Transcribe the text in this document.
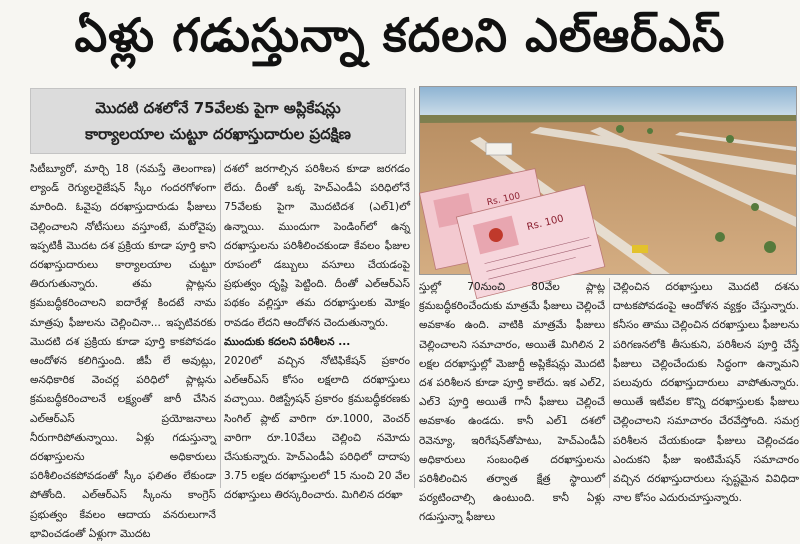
ఏళ్లు గడుస్తున్నా కదలని ఎల్‌ఆర్‌ఎస్
మొదటి దశలోనే 75వేలకు పైగా అప్లికేషన్లు
కార్యాలయాల చుట్టూ దరఖాస్తుదారుల ప్రదక్షిణ
Rs. 100
Rs. 100

సిటీబ్యూరో, మార్చి 18 (నమస్తే తెలంగాణ) ల్యాండ్ రెగ్యులరైజేషన్ స్కీం గందరగోళంగా మారింది. ఓవైపు దరఖాస్తుదారుడు ఫీజులు చెల్లించాలని నోటీసులు వస్తూంటే, మరోవైపు ఇప్పటికీ మొదట దశ ప్రక్రియ కూడా పూర్తి కాని దరఖాస్తుదారులు కార్యాలయాల చుట్టూ తిరుగుతున్నారు. తమ ప్లాట్లను క్రమబద్ధీకరించాలని ఐదారేళ్ల కిందటే నామ మాత్రపు ఫీజులను చెల్లించినా... ఇప్పటివరకు మొదటి దశ ప్రక్రియ కూడా పూర్తి కాకపోవడం ఆందోళన కలిగిస్తుంది. జీపీ లే అవుట్లు, అనధికారిక వెంచర్ల పరిధిలో ప్లాట్లను క్రమబద్ధీకరించాలనే లక్ష్యంతో జారీ చేసిన ఎల్ఆర్ఎస్ ప్రయోజనాలు నీరుగారిపోతున్నాయి. ఏళ్లు గడుస్తున్నా దరఖాస్తులను అధికారులు పరిశీలించకపోవడంతో స్కీం ఫలితం లేకుండా పోతోంది. ఎల్ఆర్ఎస్ స్కీంను కాంగ్రెస్ ప్రభుత్వం కేవలం ఆదాయ వనరులుగానే భావించడంతో ఏళ్లుగా మొదట

దశలో జరగాల్సిన పరిశీలన కూడా జరగడం లేదు. దీంతో ఒక్క హెచ్ఎండీఏ పరిధిలోనే 75వేలకు పైగా మొదటిదశ (ఎల్1)లో ఉన్నాయి. ముందుగా పెండింగ్‌లో ఉన్న దరఖాస్తులను పరిశీలించకుండా కేవలం ఫీజుల రూపంలో డబ్బులు వసూలు చేయడంపై ప్రభుత్వం దృష్టి పెట్టింది. దీంతో ఎల్ఆర్ఎస్ పథకం వల్లిస్తూ తమ దరఖాస్తులకు మోక్షం రావడం లేదని ఆందోళన చెందుతున్నారు.

ముందుకు కదలని పరిశీలన ...

2020లో వచ్చిన నోటిఫికేషన్ ప్రకారం ఎల్ఆర్ఎస్ కోసం లక్షలాది దరఖాస్తులు వచ్చాయి. రిజిస్ట్రేషన్ ప్రకారం క్రమబద్ధీకరణకు సింగిల్ ప్లాట్ వారిగా రూ.1000, వెంచర్ వారిగా రూ.10వేలు చెల్లించి నమోదు చేసుకున్నారు. హెచ్ఎండీఏ పరిధిలో దాదాపు 3.75 లక్షల దరఖాస్తులలో 15 నుంచి 20 వేల దరఖాస్తులు తిరస్కరించారు. మిగిలిన దరఖా

స్తుల్లో 70నుంచి 80వేల ప్లాట్ల క్రమబద్ధీకరించేందుకు మాత్రమే ఫీజులు చెల్లించే అవకాశం ఉంది. వాటికి మాత్రమే ఫీజులు చెల్లించాలని సమాచారం, అయితే మిగిలిన 2 లక్షల దరఖాస్తుల్లో మెజార్టీ అప్లికేషన్లు మొదటి దశ పరిశీలన కూడా పూర్తి కాలేదు. ఇక ఎల్2, ఎల్3 పూర్తి అయితే గానీ ఫీజులు చెల్లించే అవకాశం ఉండదు. కానీ ఎల్1 దశలో రెవెన్యూ, ఇరిగేషన్‌తోపాటు, హెచ్ఎండీఏ అధికారులు సంబంధిత దరఖాస్తులను పరిశీలించిన తర్వాత క్షేత్ర స్థాయిలో పర్యటించాల్సి ఉంటుంది. కానీ ఏళ్లు గడుస్తున్నా ఫీజులు

చెల్లించిన దరఖాస్తులు మొదటి దశను దాటకపోవడంపై ఆందోళన వ్యక్తం చేస్తున్నారు. కనీసం తాము చెల్లించిన దరఖాస్తులు ఫీజులను పరిగణనలోకి తీసుకుని, పరిశీలన పూర్తి చేస్తే ఫీజులు చెల్లించేందుకు సిద్ధంగా ఉన్నామని పలువురు దరఖాస్తుదారులు వాపోతున్నారు. అయితే ఇటీవల కొన్ని దరఖాస్తులకు ఫీజులు చెల్లించాలని సమాచారం చేరవేస్తోంది. సమగ్ర పరిశీలన చేయకుండా ఫీజులు చెల్లించడం ఎందుకని ఫీజు ఇంటిమేషన్ సమాచారం వచ్చిన దరఖాస్తుదారులు స్పష్టమైన వివిధిదా నాల కోసం ఎదురుచూస్తున్నారు.
